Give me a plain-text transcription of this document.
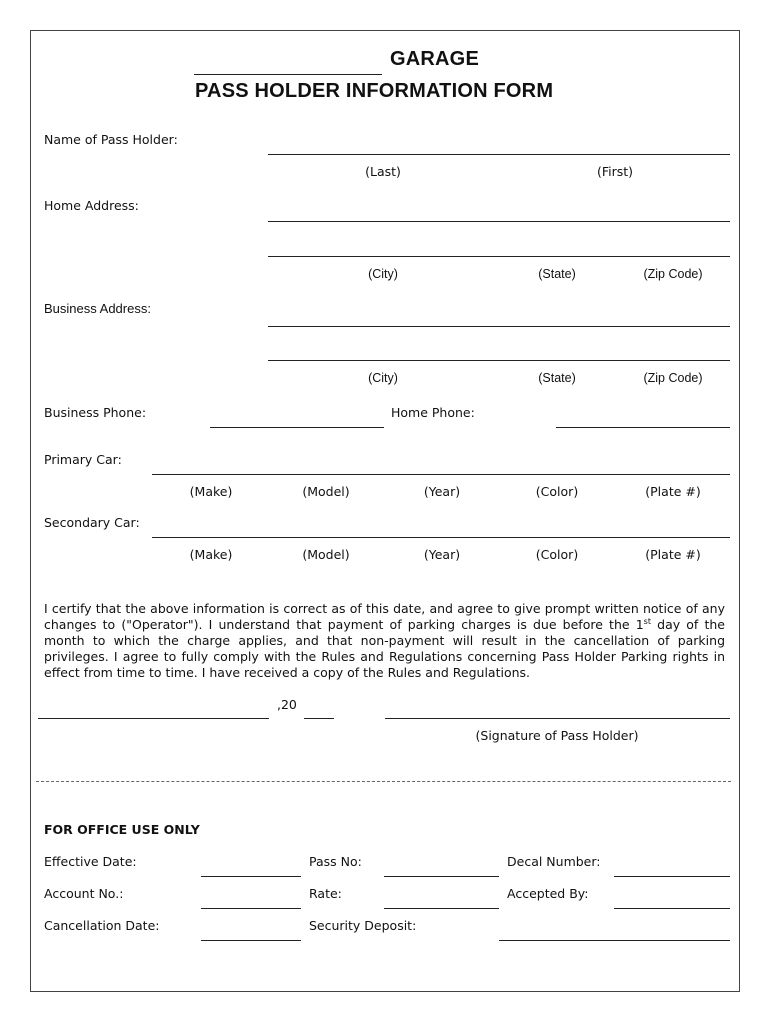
GARAGE
PASS HOLDER INFORMATION FORM
Name of Pass Holder:
(Last)	(First)
Home Address:
(City)	(State)	(Zip Code)
Business Address:
(City)	(State)	(Zip Code)
Business Phone:	Home Phone:
Primary Car:
(Make)	(Model)	(Year)	(Color)	(Plate #)
Secondary Car:
(Make)	(Model)	(Year)	(Color)	(Plate #)
I certify that the above information is correct as of this date, and agree to give prompt written notice of any changes to ("Operator"). I understand that payment of parking charges is due before the 1st day of the month to which the charge applies, and that non-payment will result in the cancellation of parking privileges. I agree to fully comply with the Rules and Regulations concerning Pass Holder Parking rights in effect from time to time. I have received a copy of the Rules and Regulations.
,20
(Signature of Pass Holder)
FOR OFFICE USE ONLY
Effective Date:	Pass No:	Decal Number:
Account No.:	Rate:	Accepted By:
Cancellation Date:	Security Deposit:
